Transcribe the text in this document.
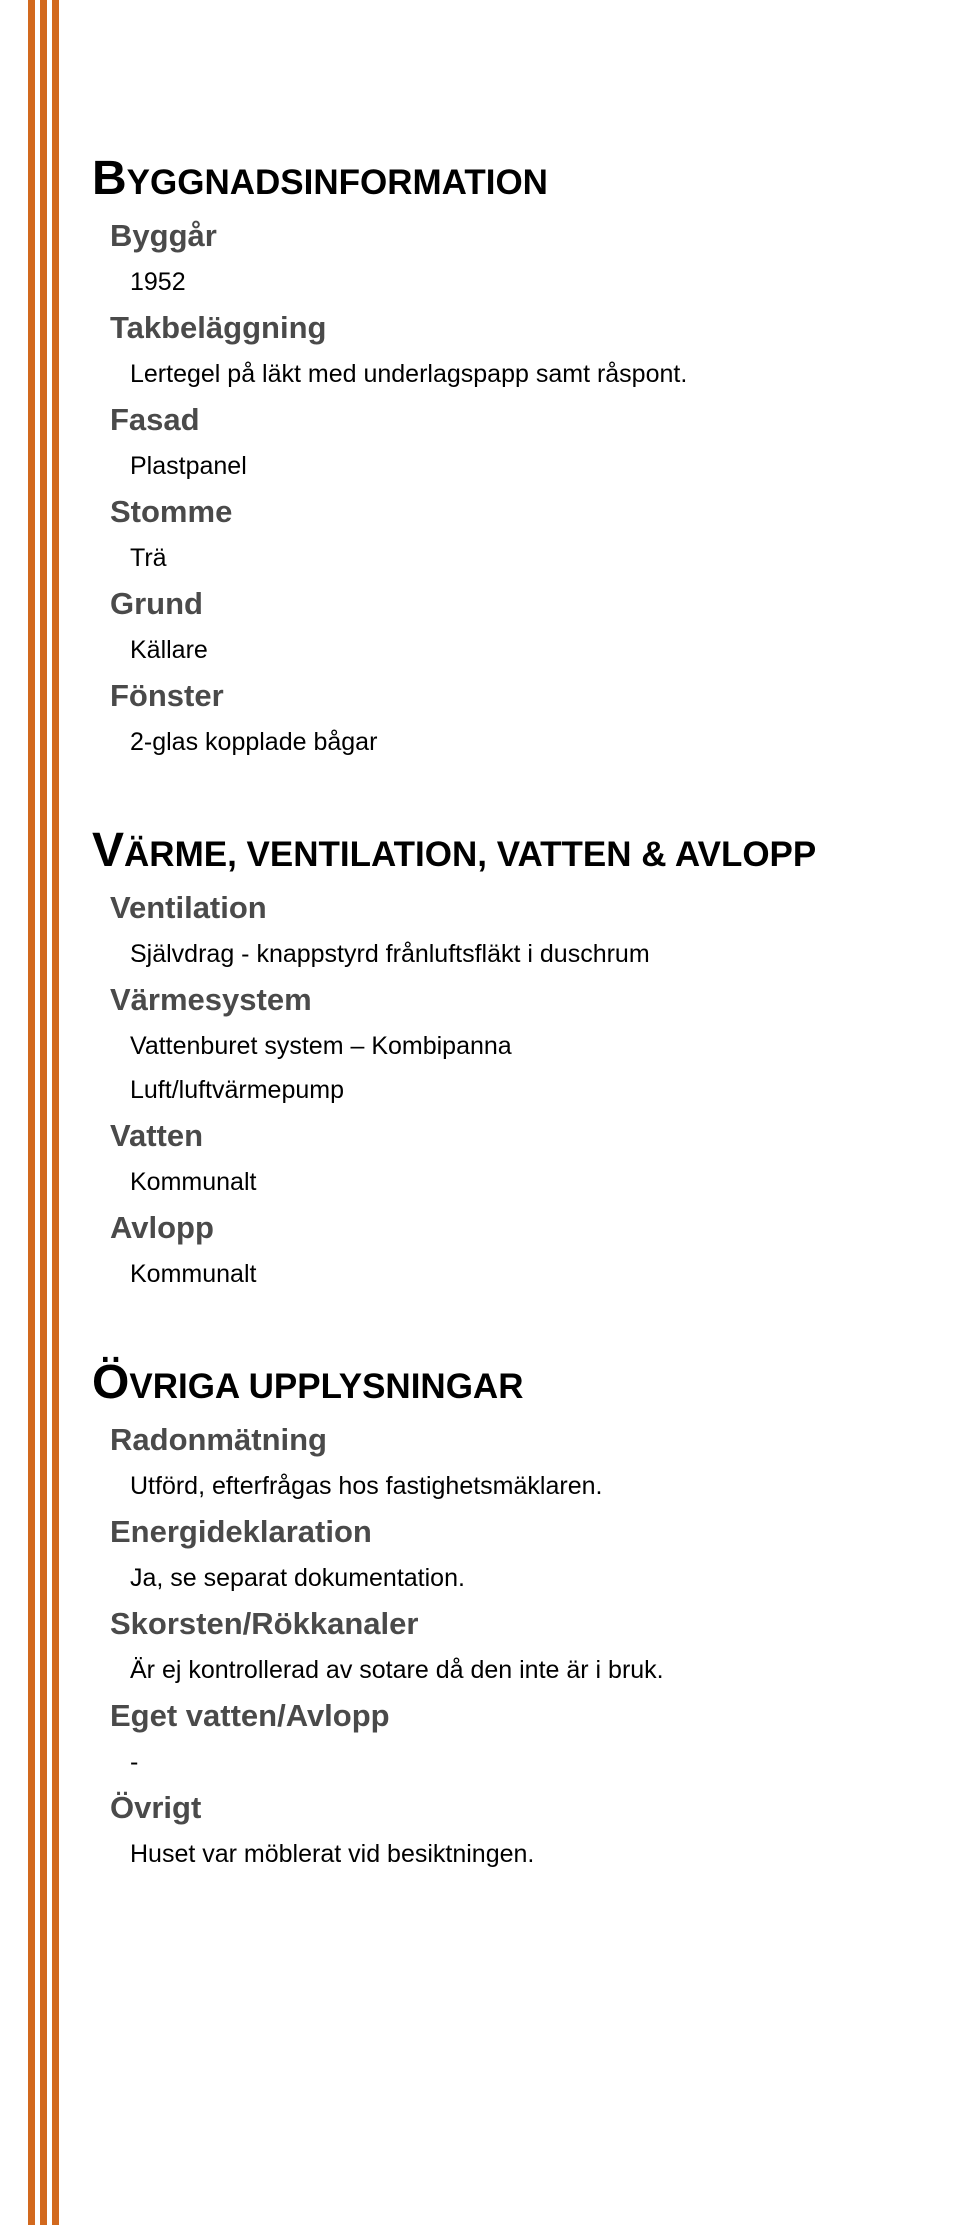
BYGGNADSINFORMATION
Byggår
1952
Takbeläggning
Lertegel på läkt med underlagspapp samt råspont.
Fasad
Plastpanel
Stomme
Trä
Grund
Källare
Fönster
2-glas kopplade bågar
VÄRME, VENTILATION, VATTEN & AVLOPP
Ventilation
Självdrag - knappstyrd frånluftsfläkt i duschrum
Värmesystem
Vattenburet system – Kombipanna
Luft/luftvärmepump
Vatten
Kommunalt
Avlopp
Kommunalt
ÖVRIGA UPPLYSNINGAR
Radonmätning
Utförd, efterfrågas hos fastighetsmäklaren.
Energideklaration
Ja, se separat dokumentation.
Skorsten/Rökkanaler
Är ej kontrollerad av sotare då den inte är i bruk.
Eget vatten/Avlopp
-
Övrigt
Huset var möblerat vid besiktningen.
